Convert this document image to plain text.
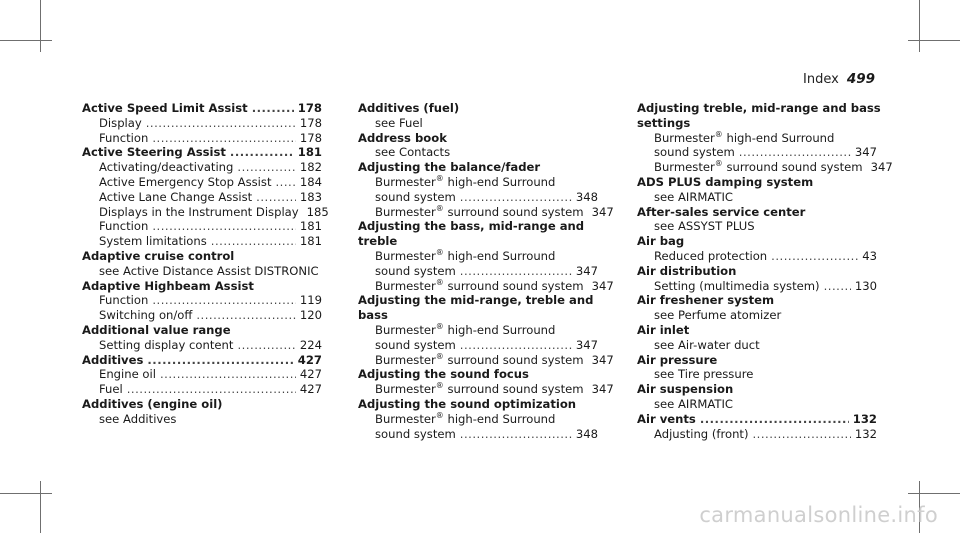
Index 499
Active Speed Limit Assist .....	178
Display .....	178
Function .....	178
Active Steering Assist .....	181
Activating/deactivating .....	182
Active Emergency Stop Assist ..... 184
Active Lane Change Assist .....	183
Displays in the Instrument Display 185
Function .....	181
System limitations .....	181
Adaptive cruise control
see Active Distance Assist DISTRONIC
Adaptive Highbeam Assist
Function .....	119
Switching on/off .....	120
Additional value range
Setting display content .....	224
Additives .....	427
Engine oil .....	427
Fuel .....	427
Additives (engine oil)
see Additives
Additives (fuel)
see Fuel
Address book
see Contacts
Adjusting the balance/fader
Burmester® high-end Surround
sound system .....	348
Burmester® surround sound system 347
Adjusting the bass, mid-range and
treble
Burmester® high-end Surround
sound system .....	347
Burmester® surround sound system 347
Adjusting the mid-range, treble and
bass
Burmester® high-end Surround
sound system .....	347
Burmester® surround sound system 347
Adjusting the sound focus
Burmester® surround sound system 347
Adjusting the sound optimization
Burmester® high-end Surround
sound system .....	348
Adjusting treble, mid-range and bass
settings
Burmester® high-end Surround
sound system .....	347
Burmester® surround sound system 347
ADS PLUS damping system
see AIRMATIC
After-sales service center
see ASSYST PLUS
Air bag
Reduced protection .....	43
Air distribution
Setting (multimedia system) .....	130
Air freshener system
see Perfume atomizer
Air inlet
see Air-water duct
Air pressure
see Tire pressure
Air suspension
see AIRMATIC
Air vents .....	132
Adjusting (front) .....	132
carmanualsonline.info
